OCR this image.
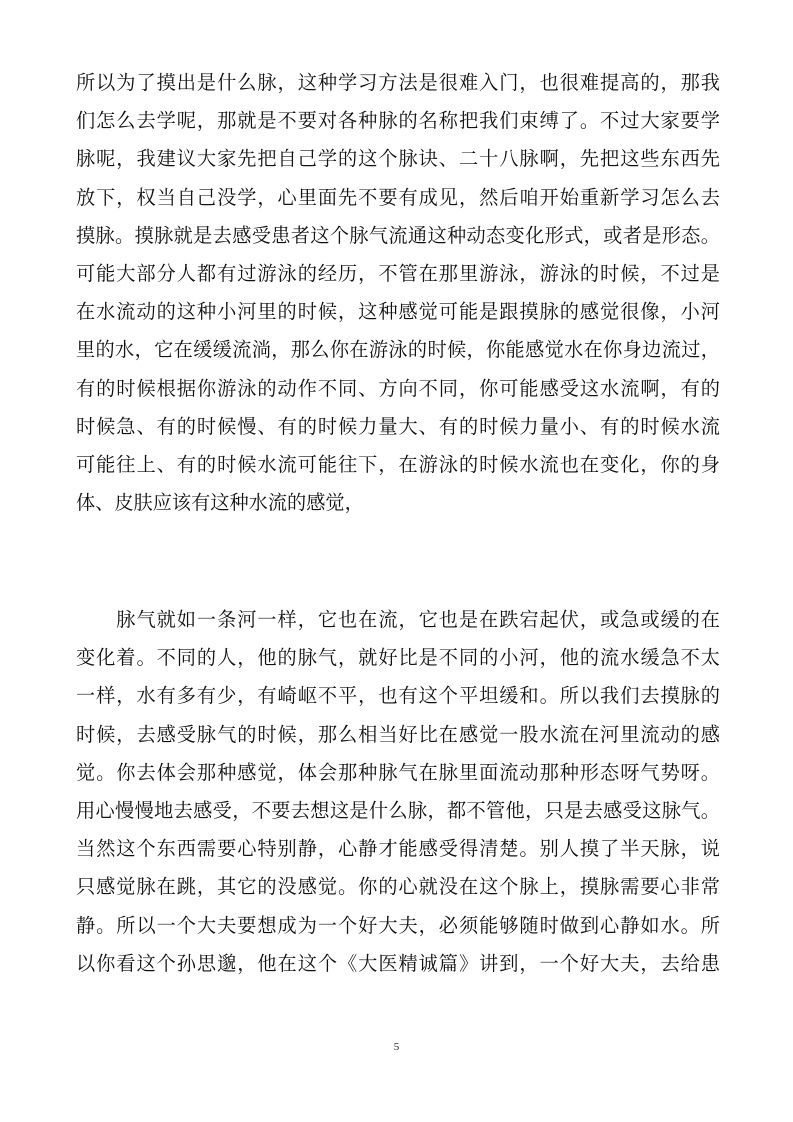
所以为了摸出是什么脉，这种学习方法是很难入门，也很难提高的，那我
们怎么去学呢，那就是不要对各种脉的名称把我们束缚了。不过大家要学
脉呢，我建议大家先把自己学的这个脉诀、二十八脉啊，先把这些东西先
放下，权当自己没学，心里面先不要有成见，然后咱开始重新学习怎么去
摸脉。摸脉就是去感受患者这个脉气流通这种动态变化形式，或者是形态。
可能大部分人都有过游泳的经历，不管在那里游泳，游泳的时候，不过是
在水流动的这种小河里的时候，这种感觉可能是跟摸脉的感觉很像，小河
里的水，它在缓缓流淌，那么你在游泳的时候，你能感觉水在你身边流过，
有的时候根据你游泳的动作不同、方向不同，你可能感受这水流啊，有的
时候急、有的时候慢、有的时候力量大、有的时候力量小、有的时候水流
可能往上、有的时候水流可能往下，在游泳的时候水流也在变化，你的身
体、皮肤应该有这种水流的感觉，
　　脉气就如一条河一样，它也在流，它也是在跌宕起伏，或急或缓的在
变化着。不同的人，他的脉气，就好比是不同的小河，他的流水缓急不太
一样，水有多有少，有崎岖不平，也有这个平坦缓和。所以我们去摸脉的
时候，去感受脉气的时候，那么相当好比在感觉一股水流在河里流动的感
觉。你去体会那种感觉，体会那种脉气在脉里面流动那种形态呀气势呀。
用心慢慢地去感受，不要去想这是什么脉，都不管他，只是去感受这脉气。
当然这个东西需要心特别静，心静才能感受得清楚。别人摸了半天脉，说
只感觉脉在跳，其它的没感觉。你的心就没在这个脉上，摸脉需要心非常
静。所以一个大夫要想成为一个好大夫，必须能够随时做到心静如水。所
以你看这个孙思邈，他在这个《大医精诚篇》讲到，一个好大夫，去给患
5
